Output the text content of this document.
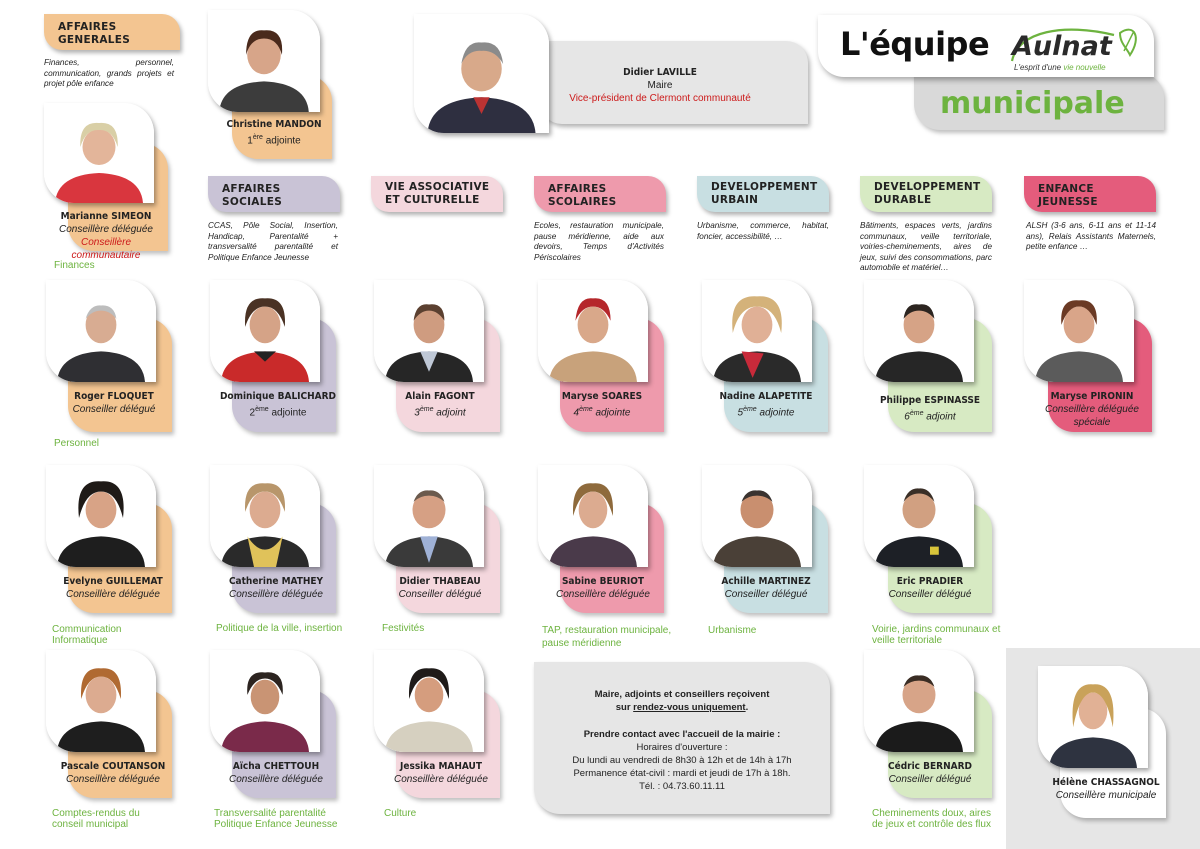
L'équipe Aulnat
L'esprit d'une vie nouvelle
municipale
Didier LAVILLE
Maire
Vice-président de Clermont communauté
AFFAIRES GENERALES
Finances, personnel, communication, grands projets et projet pôle enfance
Christine MANDON
1ère adjointe
Marianne SIMEON
Conseillère déléguée
Conseillère communautaire
Finances
AFFAIRES SOCIALES
CCAS, Pôle Social, Insertion, Handicap, Parentalité + transversalité parentalité et Politique Enfance Jeunesse
VIE ASSOCIATIVE
ET CULTURELLE
AFFAIRES SCOLAIRES
Ecoles, restauration municipale, pause méridienne, aide aux devoirs, Temps d'Activités Périscolaires
DEVELOPPEMENT
URBAIN
Urbanisme, commerce, habitat, foncier, accessibilité, …
DEVELOPPEMENT
DURABLE
Bâtiments, espaces verts, jardins communaux, veille territoriale, voiries-cheminements, aires de jeux, suivi des consommations, parc automobile et matériel…
ENFANCE JEUNESSE
ALSH (3-6 ans, 6-11 ans et 11-14 ans), Relais Assistants Maternels, petite enfance …
Roger FLOQUET
Conseiller délégué
Personnel
Dominique BALICHARD
2ème adjointe
Alain FAGONT
3ème adjoint
Maryse SOARES
4ème adjointe
Nadine ALAPETITE
5ème adjointe
Philippe ESPINASSE
6ème adjoint
Maryse PIRONIN
Conseillère déléguée spéciale
Evelyne GUILLEMAT
Conseillère déléguée
Communication Informatique
Catherine MATHEY
Conseillère déléguée
Politique de la ville, insertion
Didier THABEAU
Conseiller délégué
Festivités
Sabine BEURIOT
Conseillère déléguée
TAP, restauration municipale, pause méridienne
Achille MARTINEZ
Conseiller délégué
Urbanisme
Eric PRADIER
Conseiller délégué
Voirie, jardins communaux et veille territoriale
Pascale COUTANSON
Conseillère déléguée
Comptes-rendus du conseil municipal
Aïcha CHETTOUH
Conseillère déléguée
Transversalité parentalité Politique Enfance Jeunesse
Jessika MAHAUT
Conseillère déléguée
Culture
Maire, adjoints et conseillers reçoivent
sur rendez-vous uniquement.
Prendre contact avec l'accueil de la mairie :
Horaires d'ouverture :
Du lundi au vendredi de 8h30 à 12h et de 14h à 17h
Permanence état-civil : mardi et jeudi de 17h à 18h.
Tél. : 04.73.60.11.11
Cédric BERNARD
Conseiller délégué
Cheminements doux, aires de jeux et contrôle des flux
Hélène CHASSAGNOL
Conseillère municipale
